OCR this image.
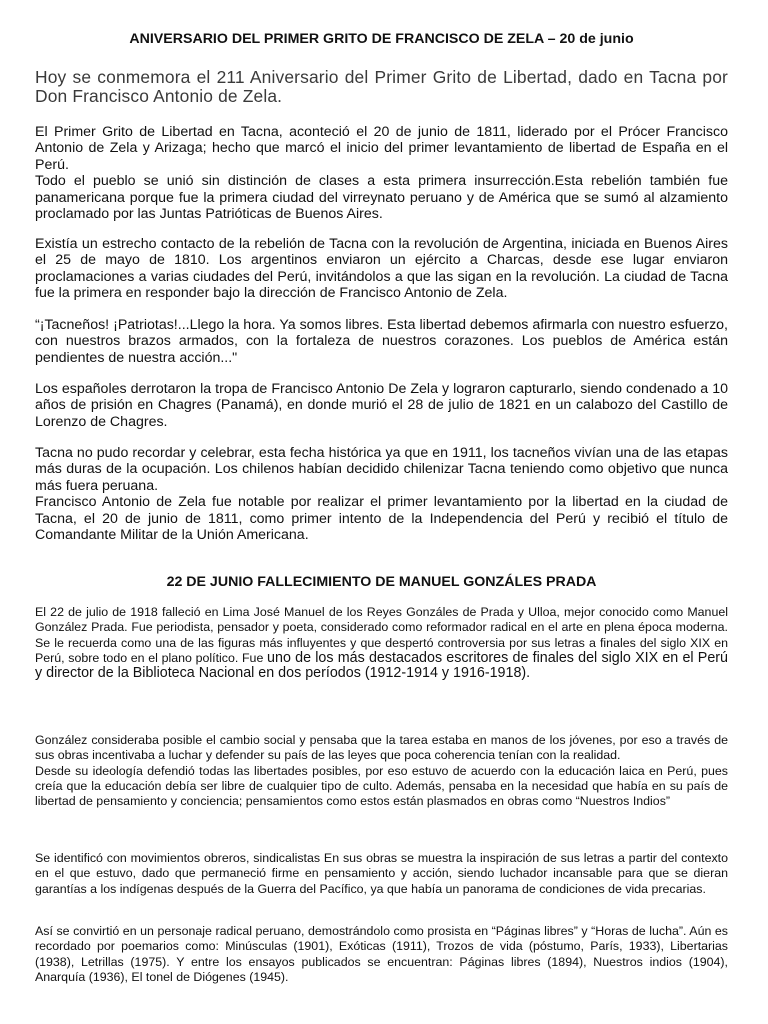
ANIVERSARIO DEL PRIMER GRITO DE FRANCISCO DE ZELA – 20 de junio

Hoy se conmemora el 211 Aniversario del Primer Grito de Libertad, dado en Tacna por Don Francisco Antonio de Zela.

El Primer Grito de Libertad en Tacna, aconteció el 20 de junio de 1811, liderado por el Prócer Francisco Antonio de Zela y Arizaga; hecho que marcó el inicio del primer levantamiento de libertad de España en el Perú.

Todo el pueblo se unió sin distinción de clases a esta primera insurrección.Esta rebelión también fue panamericana porque fue la primera ciudad del virreynato peruano y de América que se sumó al alzamiento proclamado por las Juntas Patrióticas de Buenos Aires.

Existía un estrecho contacto de la rebelión de Tacna con la revolución de Argentina, iniciada en Buenos Aires el 25 de mayo de 1810. Los argentinos enviaron un ejército a Charcas, desde ese lugar enviaron proclamaciones a varias ciudades del Perú, invitándolos a que las sigan en la revolución. La ciudad de Tacna fue la primera en responder bajo la dirección de Francisco Antonio de Zela.

“¡Tacneños! ¡Patriotas!...Llego la hora. Ya somos libres. Esta libertad debemos afirmarla con nuestro esfuerzo, con nuestros brazos armados, con la fortaleza de nuestros corazones. Los pueblos de América están pendientes de nuestra acción..."

Los españoles derrotaron la tropa de Francisco Antonio De Zela y lograron capturarlo, siendo condenado a 10 años de prisión en Chagres (Panamá), en donde murió el 28 de julio de 1821 en un calabozo del Castillo de Lorenzo de Chagres.

Tacna no pudo recordar y celebrar, esta fecha histórica ya que en 1911, los tacneños vivían una de las etapas más duras de la ocupación. Los chilenos habían decidido chilenizar Tacna teniendo como objetivo que nunca más fuera peruana.

Francisco Antonio de Zela fue notable por realizar el primer levantamiento por la libertad en la ciudad de Tacna, el 20 de junio de 1811, como primer intento de la Independencia del Perú y recibió el título de Comandante Militar de la Unión Americana.

22 DE JUNIO FALLECIMIENTO DE MANUEL GONZÁLES PRADA

El 22 de julio de 1918 falleció en Lima José Manuel de los Reyes Gonzáles de Prada y Ulloa, mejor conocido como Manuel González Prada. Fue periodista, pensador y poeta, considerado como reformador radical en el arte en plena época moderna. Se le recuerda como una de las figuras más influyentes y que despertó controversia por sus letras a finales del siglo XIX en Perú, sobre todo en el plano político. Fue uno de los más destacados escritores de finales del siglo XIX en el Perú y director de la Biblioteca Nacional en dos períodos (1912-1914 y 1916-1918).

González consideraba posible el cambio social y pensaba que la tarea estaba en manos de los jóvenes, por eso a través de sus obras incentivaba a luchar y defender su país de las leyes que poca coherencia tenían con la realidad.

Desde su ideología defendió todas las libertades posibles, por eso estuvo de acuerdo con la educación laica en Perú, pues creía que la educación debía ser libre de cualquier tipo de culto. Además, pensaba en la necesidad que había en su país de libertad de pensamiento y conciencia; pensamientos como estos están plasmados en obras como “Nuestros Indios”

Se identificó con movimientos obreros, sindicalistas En sus obras se muestra la inspiración de sus letras a partir del contexto en el que estuvo, dado que permaneció firme en pensamiento y acción, siendo luchador incansable para que se dieran garantías a los indígenas después de la Guerra del Pacífico, ya que había un panorama de condiciones de vida precarias.

Así se convirtió en un personaje radical peruano, demostrándolo como prosista en “Páginas libres” y “Horas de lucha”. Aún es recordado por poemarios como: Minúsculas (1901), Exóticas (1911), Trozos de vida (póstumo, París, 1933), Libertarias (1938), Letrillas (1975). Y entre los ensayos publicados se encuentran: Páginas libres (1894), Nuestros indios (1904), Anarquía (1936), El tonel de Diógenes (1945).
